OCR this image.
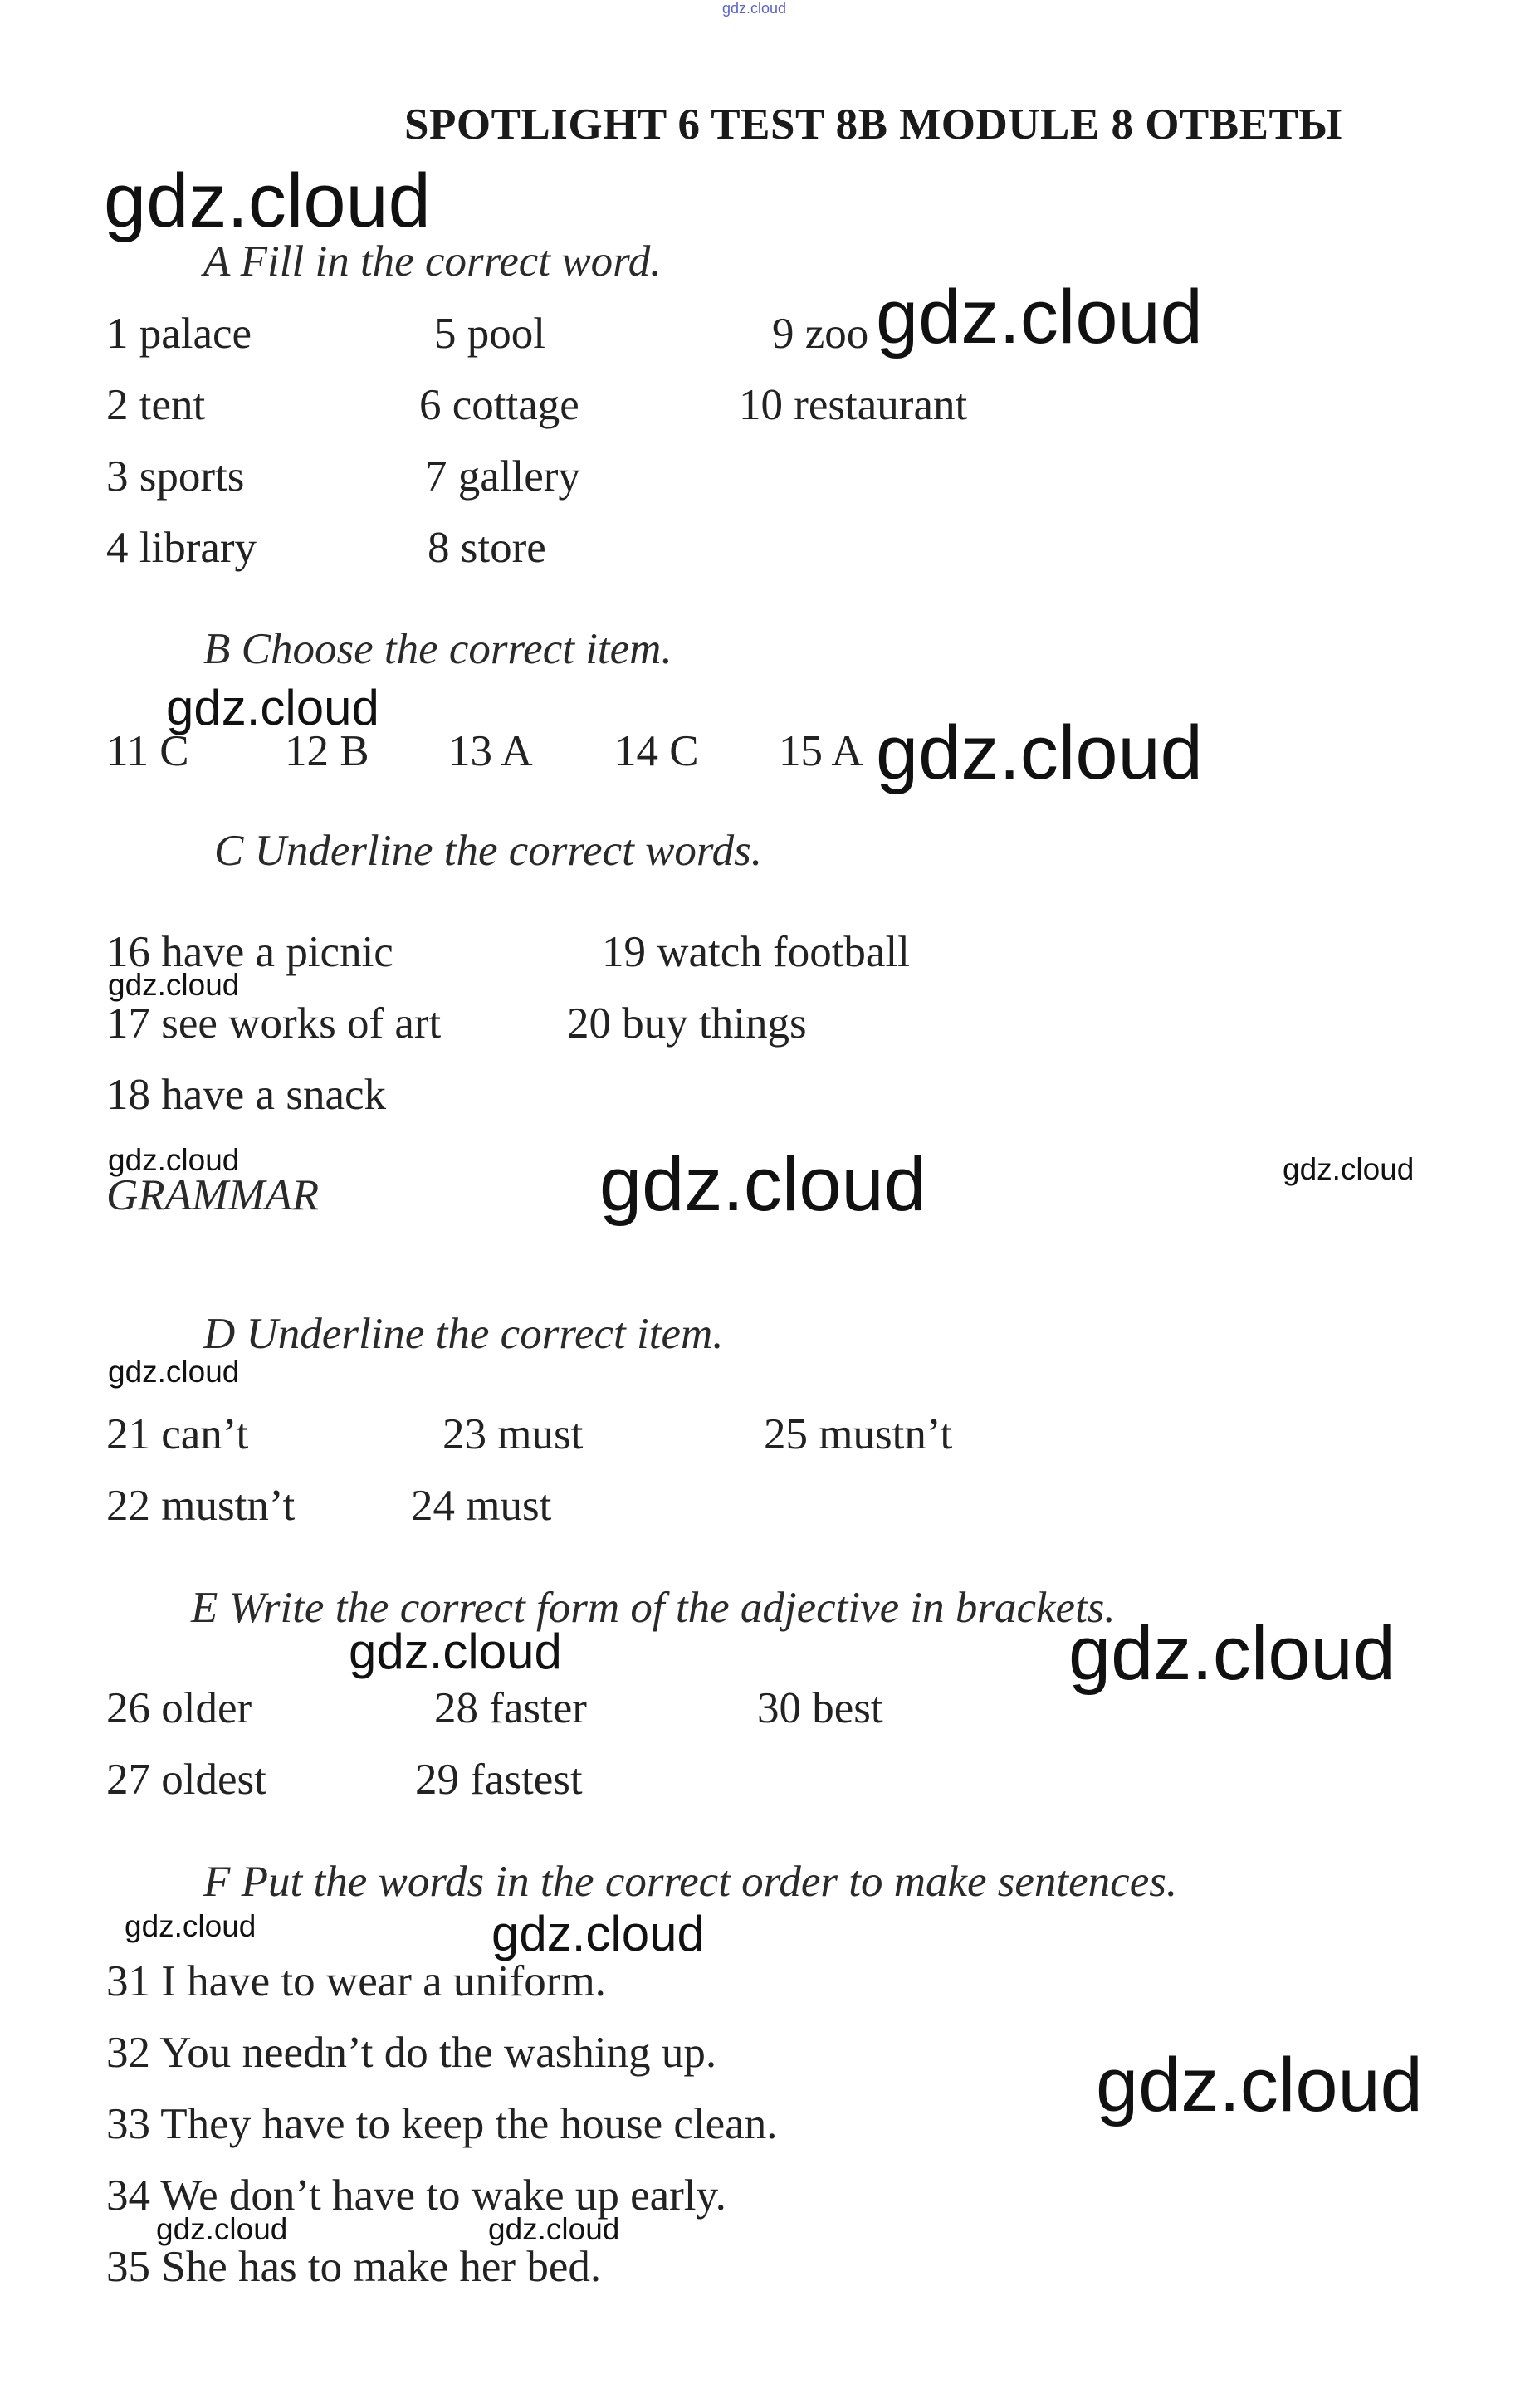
gdz.cloud
gdz.cloud
gdz.cloud
gdz.cloud
gdz.cloud
gdz.cloud
gdz.cloud	gdz.cloud	gdz.cloud
gdz.cloud
gdz.cloud	gdz.cloud
gdz.cloud	gdz.cloud
gdz.cloud
gdz.cloud	gdz.cloud
SPOTLIGHT 6 TEST 8B MODULE 8 ОТВЕТЫ
A Fill in the correct word.
1 palace	5 pool	9 zoo
2 tent	6 cottage	10 restaurant
3 sports	7 gallery
4 library	8 store
B Choose the correct item.
11 C 12 B 13 A 14 C 15 A
C Underline the correct words.
16 have a picnic	19 watch football
17 see works of art	20 buy things
18 have a snack
GRAMMAR
D Underline the correct item.
21 can’t	23 must	25 mustn’t
22 mustn’t	24 must
E Write the correct form of the adjective in brackets.
26 older	28 faster	30 best
27 oldest	29 fastest
F Put the words in the correct order to make sentences.
31 I have to wear a uniform.
32 You needn’t do the washing up.
33 They have to keep the house clean.
34 We don’t have to wake up early.
35 She has to make her bed.
